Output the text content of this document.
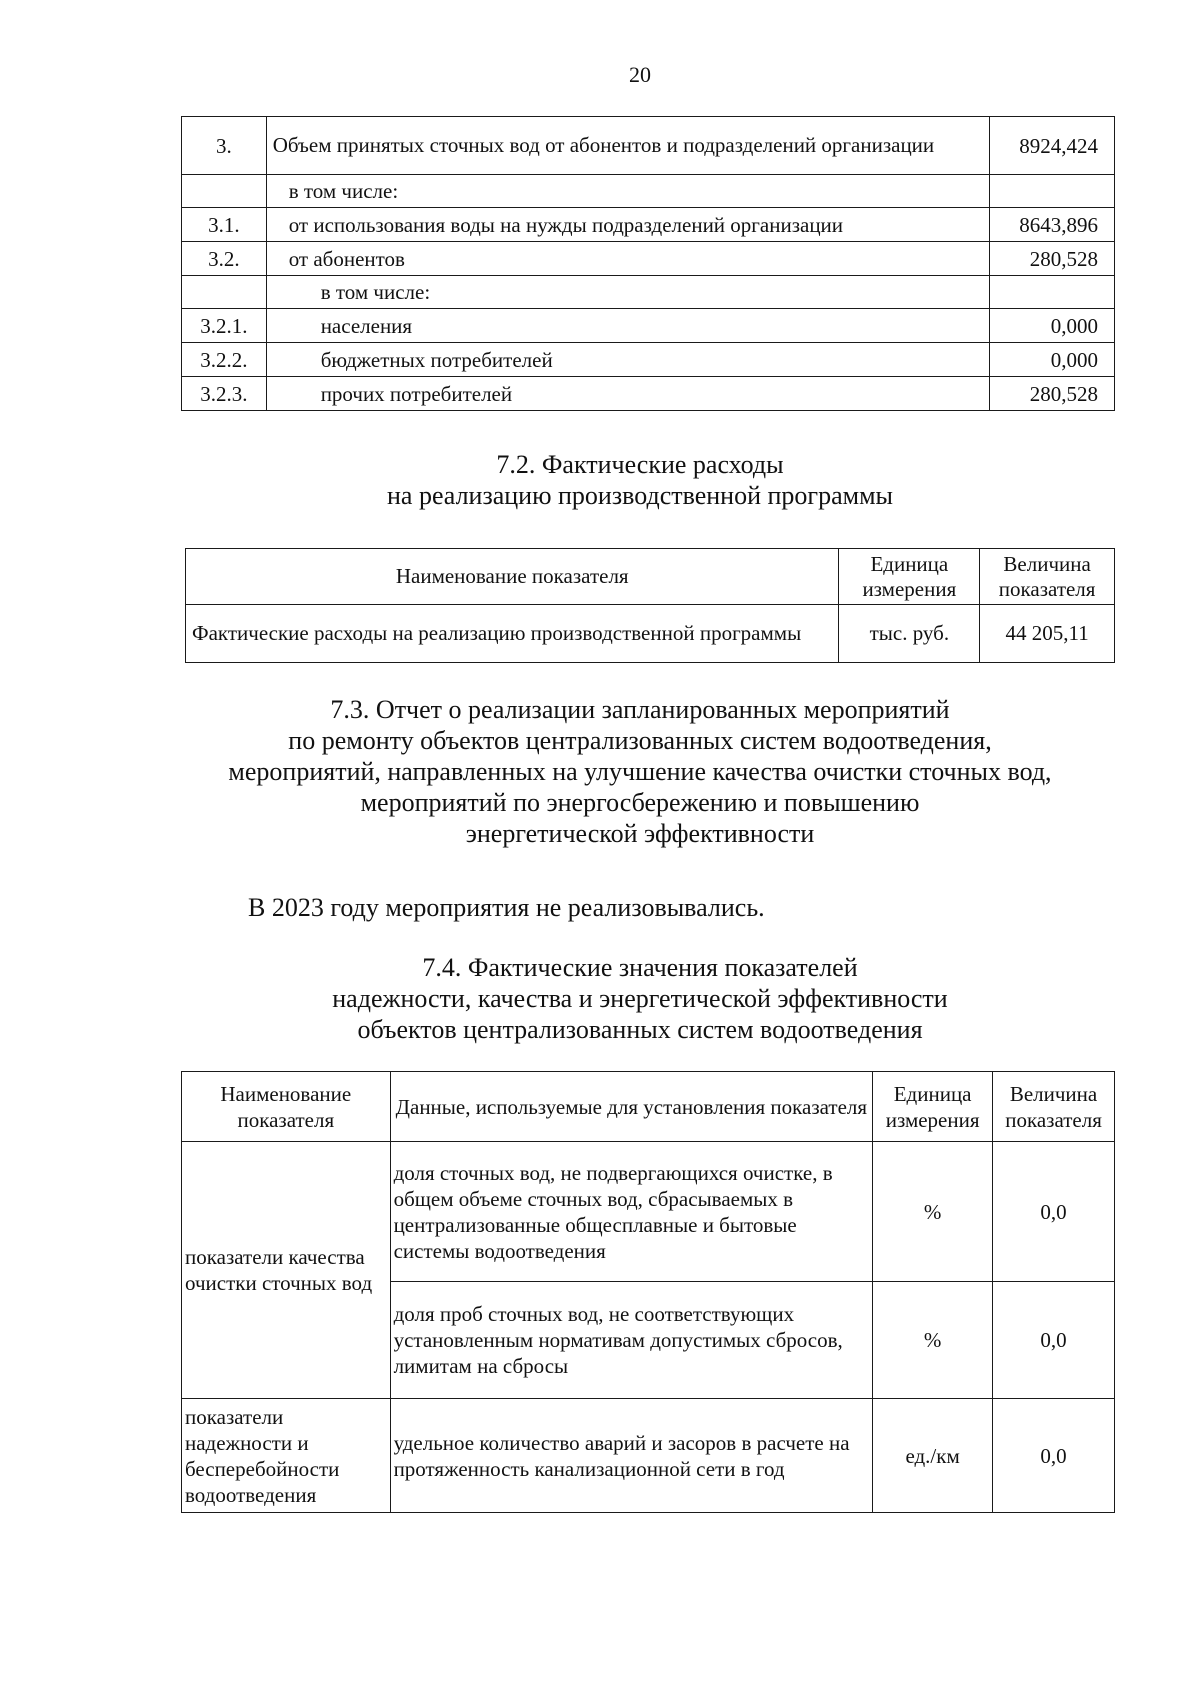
20
3.	Объем принятых сточных вод от абонентов и подразделений организации	8924,424
	в том числе:	
3.1.	от использования воды на нужды подразделений организации	8643,896
3.2.	от абонентов	280,528
	в том числе:	
3.2.1.	населения	0,000
3.2.2.	бюджетных потребителей	0,000
3.2.3.	прочих потребителей	280,528
7.2. Фактические расходы
на реализацию производственной программы
Наименование показателя	Единица измерения	Величина показателя
Фактические расходы на реализацию производственной программы	тыс. руб.	44 205,11
7.3. Отчет о реализации запланированных мероприятий
по ремонту объектов централизованных систем водоотведения,
мероприятий, направленных на улучшение качества очистки сточных вод,
мероприятий по энергосбережению и повышению
энергетической эффективности
В 2023 году мероприятия не реализовывались.
7.4. Фактические значения показателей
надежности, качества и энергетической эффективности
объектов централизованных систем водоотведения
Наименование показателя	Данные, используемые для установления показателя	Единица измерения	Величина показателя
показатели качества очистки сточных вод	доля сточных вод, не подвергающихся очистке, в общем объеме сточных вод, сбрасываемых в централизованные общесплавные и бытовые системы водоотведения	%	0,0
	доля проб сточных вод, не соответствующих установленным нормативам допустимых сбросов, лимитам на сбросы	%	0,0
показатели надежности и бесперебойности водоотведения	удельное количество аварий и засоров в расчете на протяженность канализационной сети в год	ед./км	0,0
